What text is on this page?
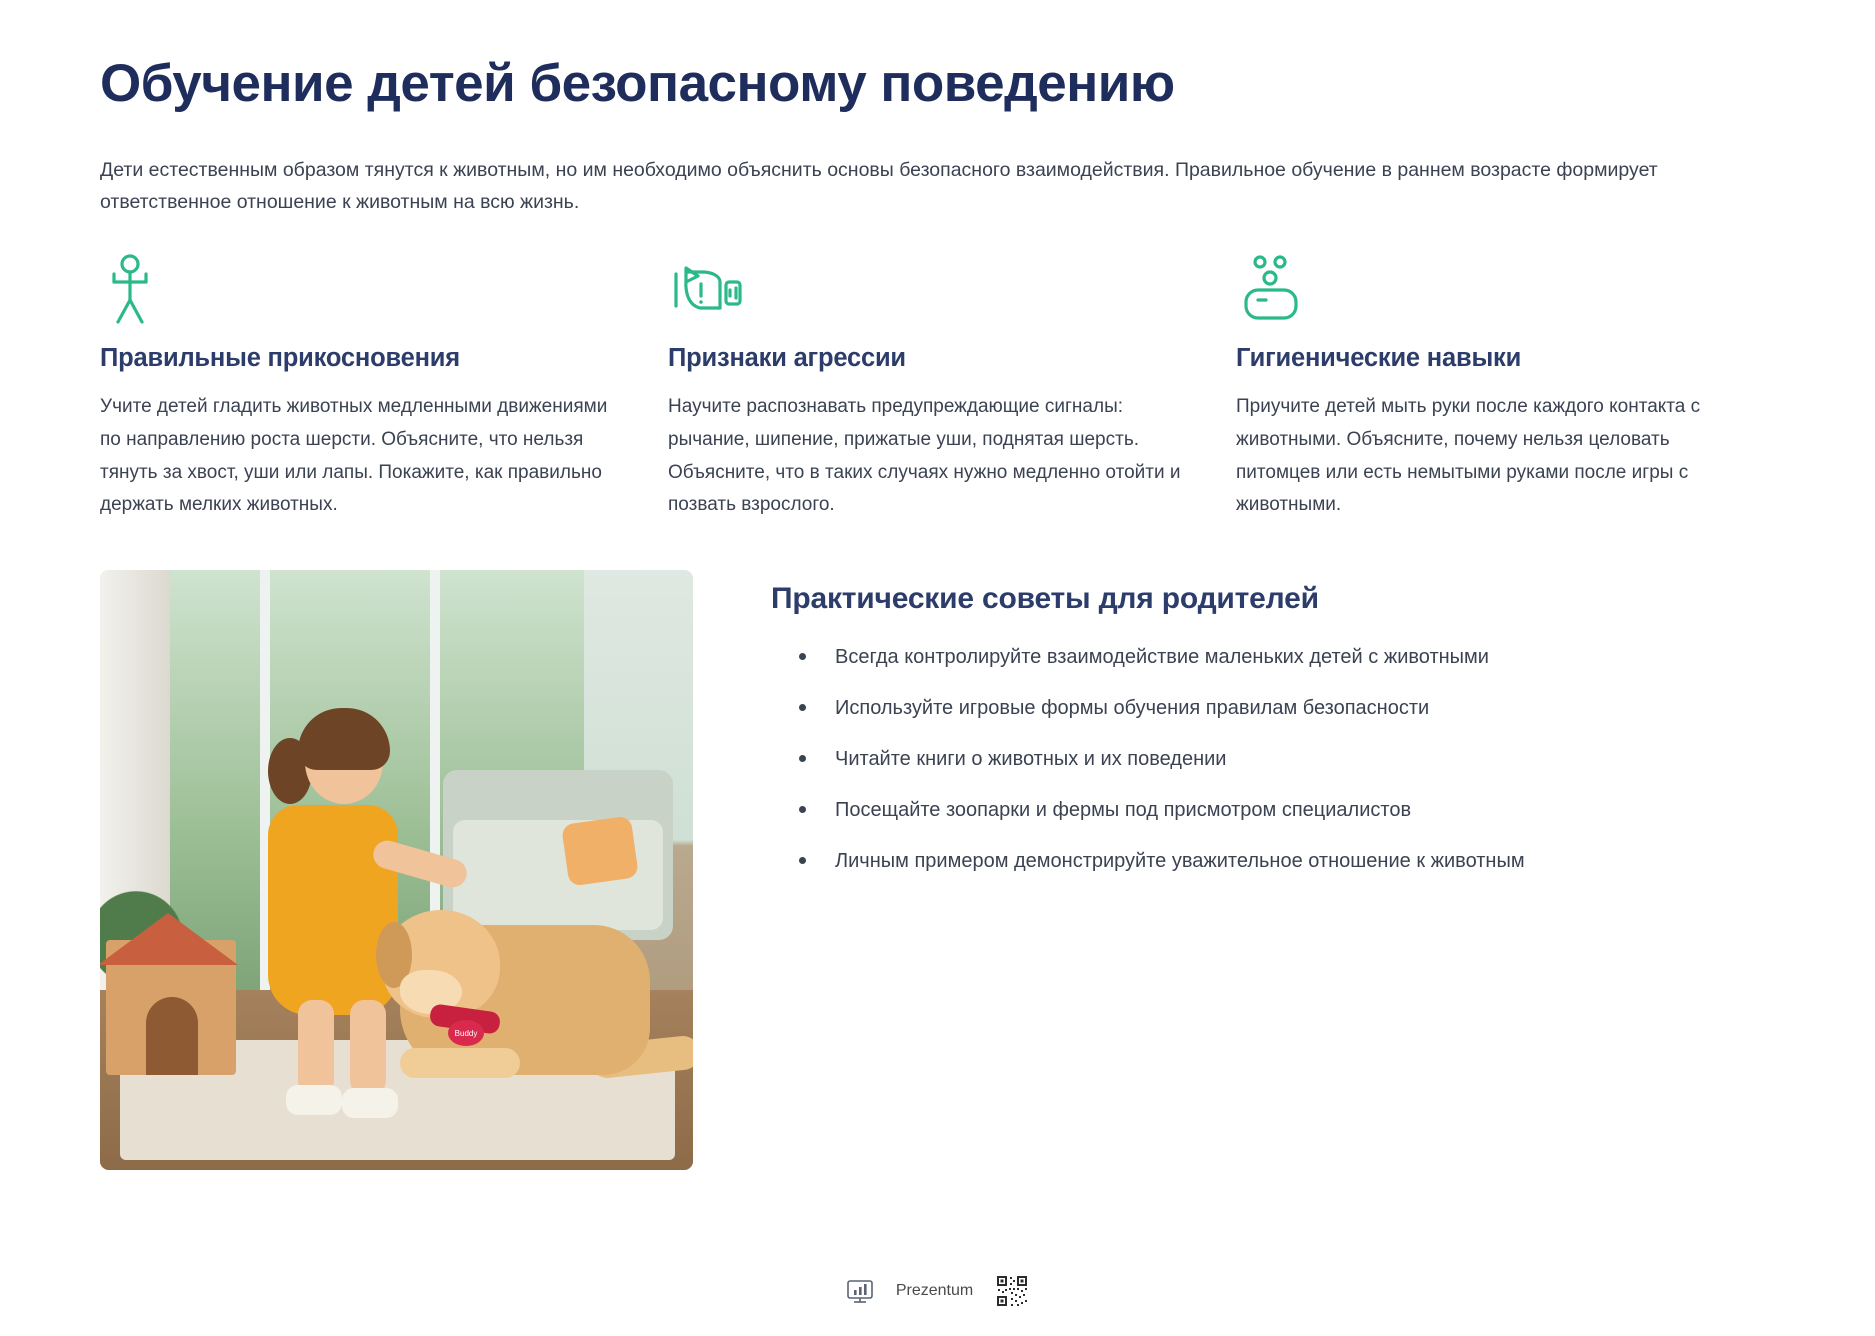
Обучение детей безопасному поведению

Дети естественным образом тянутся к животным, но им необходимо объяснить основы безопасного взаимодействия. Правильное обучение в раннем возрасте формирует ответственное отношение к животным на всю жизнь.

Правильные прикосновения

Учите детей гладить животных медленными движениями по направлению роста шерсти. Объясните, что нельзя тянуть за хвост, уши или лапы. Покажите, как правильно держать мелких животных.

Признаки агрессии

Научите распознавать предупреждающие сигналы: рычание, шипение, прижатые уши, поднятая шерсть. Объясните, что в таких случаях нужно медленно отойти и позвать взрослого.

Гигиенические навыки

Приучите детей мыть руки после каждого контакта с животными. Объясните, почему нельзя целовать питомцев или есть немытыми руками после игры с животными.

Buddy
Практические советы для родителей
Всегда контролируйте взаимодействие маленьких детей с животными
Используйте игровые формы обучения правилам безопасности
Читайте книги о животных и их поведении
Посещайте зоопарки и фермы под присмотром специалистов
Личным примером демонстрируйте уважительное отношение к животным
Prezentum
